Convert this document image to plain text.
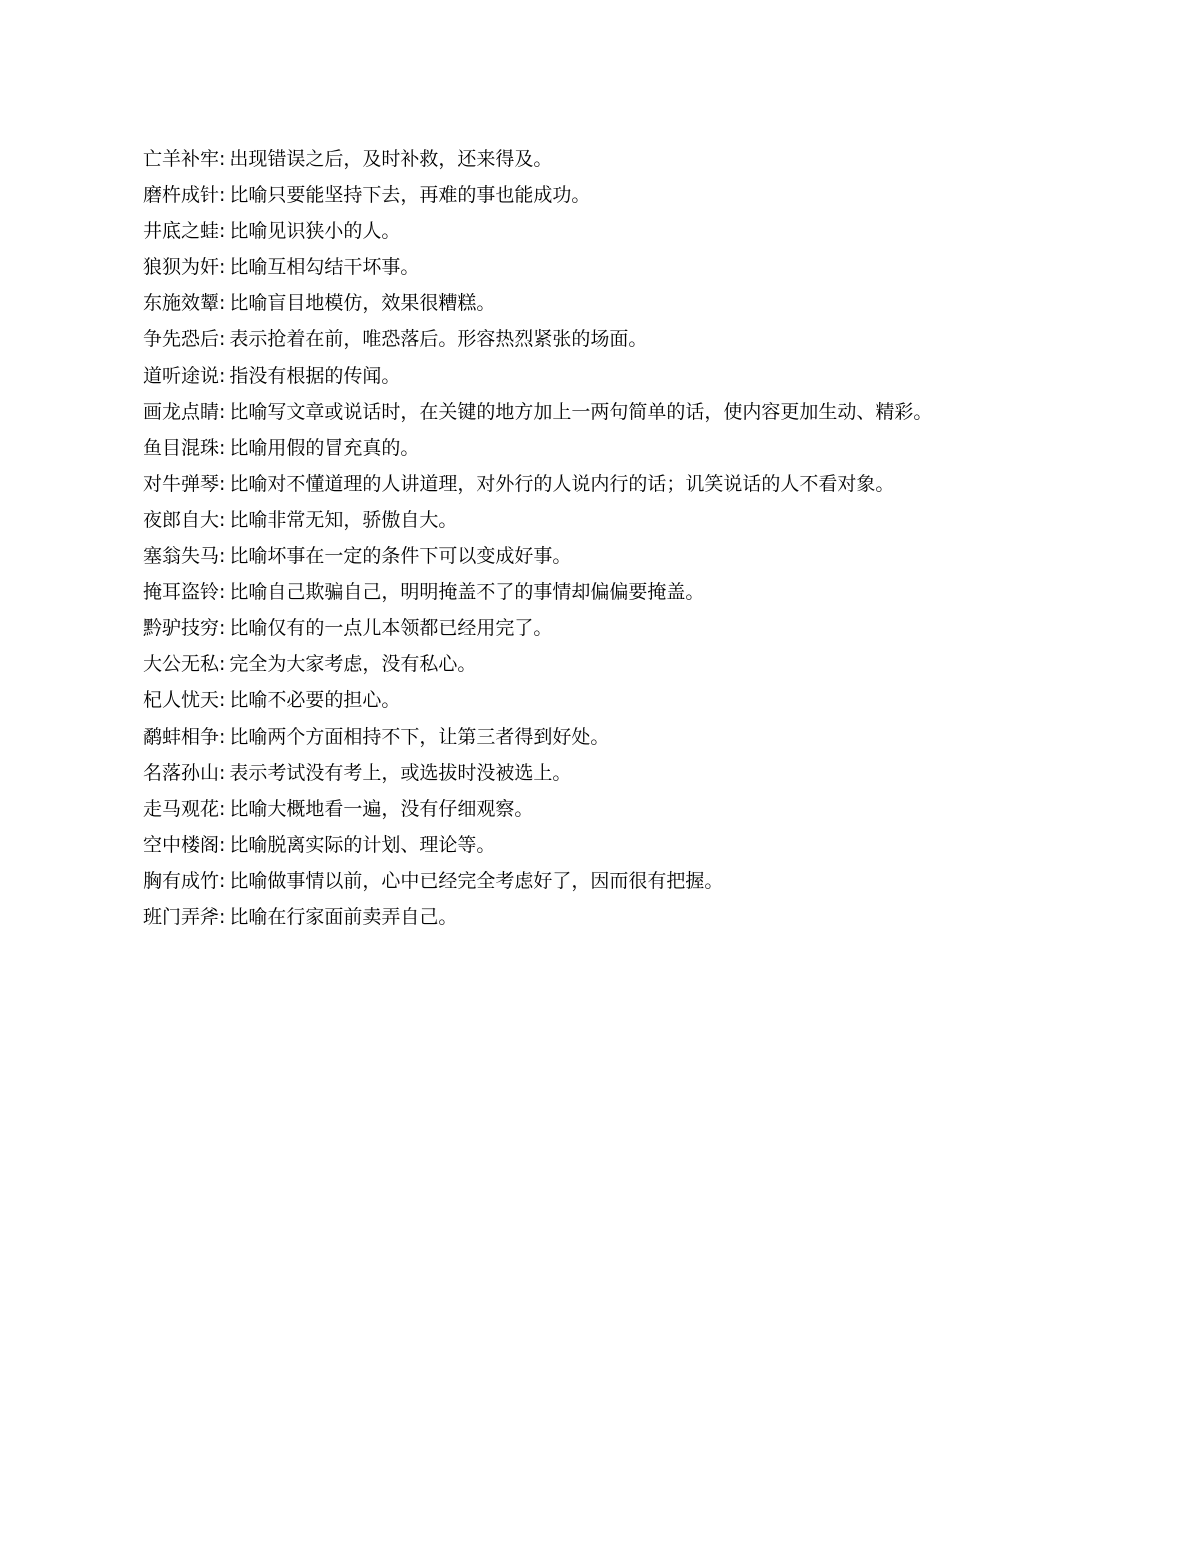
亡羊补牢: 出现错误之后，及时补救，还来得及。
磨杵成针: 比喻只要能坚持下去，再难的事也能成功。
井底之蛙: 比喻见识狭小的人。
狼狈为奸: 比喻互相勾结干坏事。
东施效颦: 比喻盲目地模仿，效果很糟糕。
争先恐后: 表示抢着在前，唯恐落后。形容热烈紧张的场面。
道听途说: 指没有根据的传闻。
画龙点睛: 比喻写文章或说话时，在关键的地方加上一两句简单的话，使内容更加生动、精彩。
鱼目混珠: 比喻用假的冒充真的。
对牛弹琴: 比喻对不懂道理的人讲道理，对外行的人说内行的话；讥笑说话的人不看对象。
夜郎自大: 比喻非常无知，骄傲自大。
塞翁失马: 比喻坏事在一定的条件下可以变成好事。
掩耳盗铃: 比喻自己欺骗自己，明明掩盖不了的事情却偏偏要掩盖。
黔驴技穷: 比喻仅有的一点儿本领都已经用完了。
大公无私: 完全为大家考虑，没有私心。
杞人忧天: 比喻不必要的担心。
鹬蚌相争: 比喻两个方面相持不下，让第三者得到好处。
名落孙山: 表示考试没有考上，或选拔时没被选上。
走马观花: 比喻大概地看一遍，没有仔细观察。
空中楼阁: 比喻脱离实际的计划、理论等。
胸有成竹: 比喻做事情以前，心中已经完全考虑好了，因而很有把握。
班门弄斧: 比喻在行家面前卖弄自己。
